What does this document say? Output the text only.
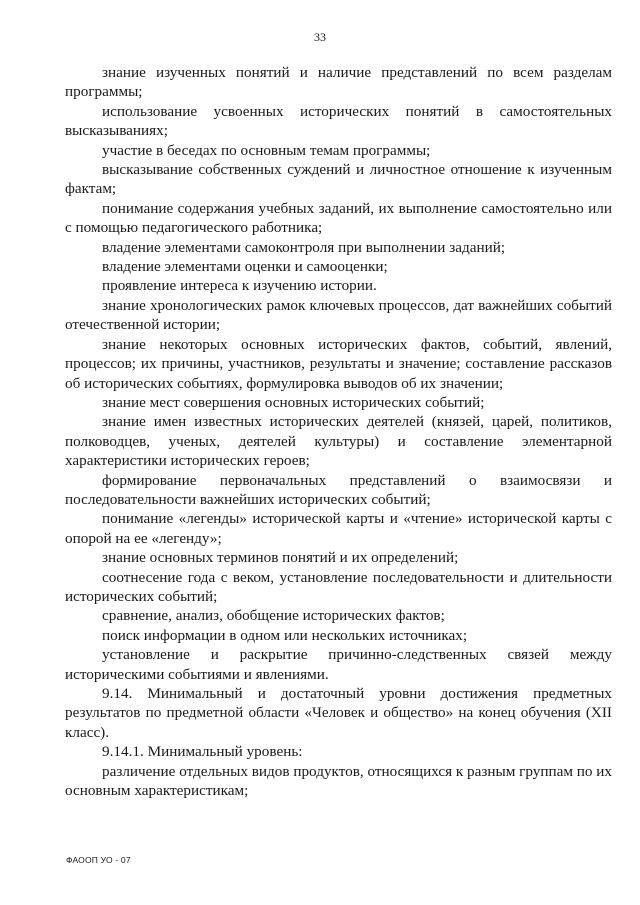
33

знание изученных понятий и наличие представлений по всем разделам программы;

использование усвоенных исторических понятий в самостоятельных высказываниях;

участие в беседах по основным темам программы;

высказывание собственных суждений и личностное отношение к изученным фактам;

понимание содержания учебных заданий, их выполнение самостоятельно или с помощью педагогического работника;

владение элементами самоконтроля при выполнении заданий;

владение элементами оценки и самооценки;

проявление интереса к изучению истории.

знание хронологических рамок ключевых процессов, дат важнейших событий отечественной истории;

знание некоторых основных исторических фактов, событий, явлений, процессов; их причины, участников, результаты и значение; составление рассказов об исторических событиях, формулировка выводов об их значении;

знание мест совершения основных исторических событий;

знание имен известных исторических деятелей (князей, царей, политиков, полководцев, ученых, деятелей культуры) и составление элементарной характеристики исторических героев;

формирование первоначальных представлений о взаимосвязи и последовательности важнейших исторических событий;

понимание «легенды» исторической карты и «чтение» исторической карты с опорой на ее «легенду»;

знание основных терминов понятий и их определений;

соотнесение года с веком, установление последовательности и длительности исторических событий;

сравнение, анализ, обобщение исторических фактов;

поиск информации в одном или нескольких источниках;

установление и раскрытие причинно-следственных связей между историческими событиями и явлениями.

9.14. Минимальный и достаточный уровни достижения предметных результатов по предметной области «Человек и общество» на конец обучения (XII класс).

9.14.1. Минимальный уровень:

различение отдельных видов продуктов, относящихся к разным группам по их основным характеристикам;

ФАООП УО - 07
